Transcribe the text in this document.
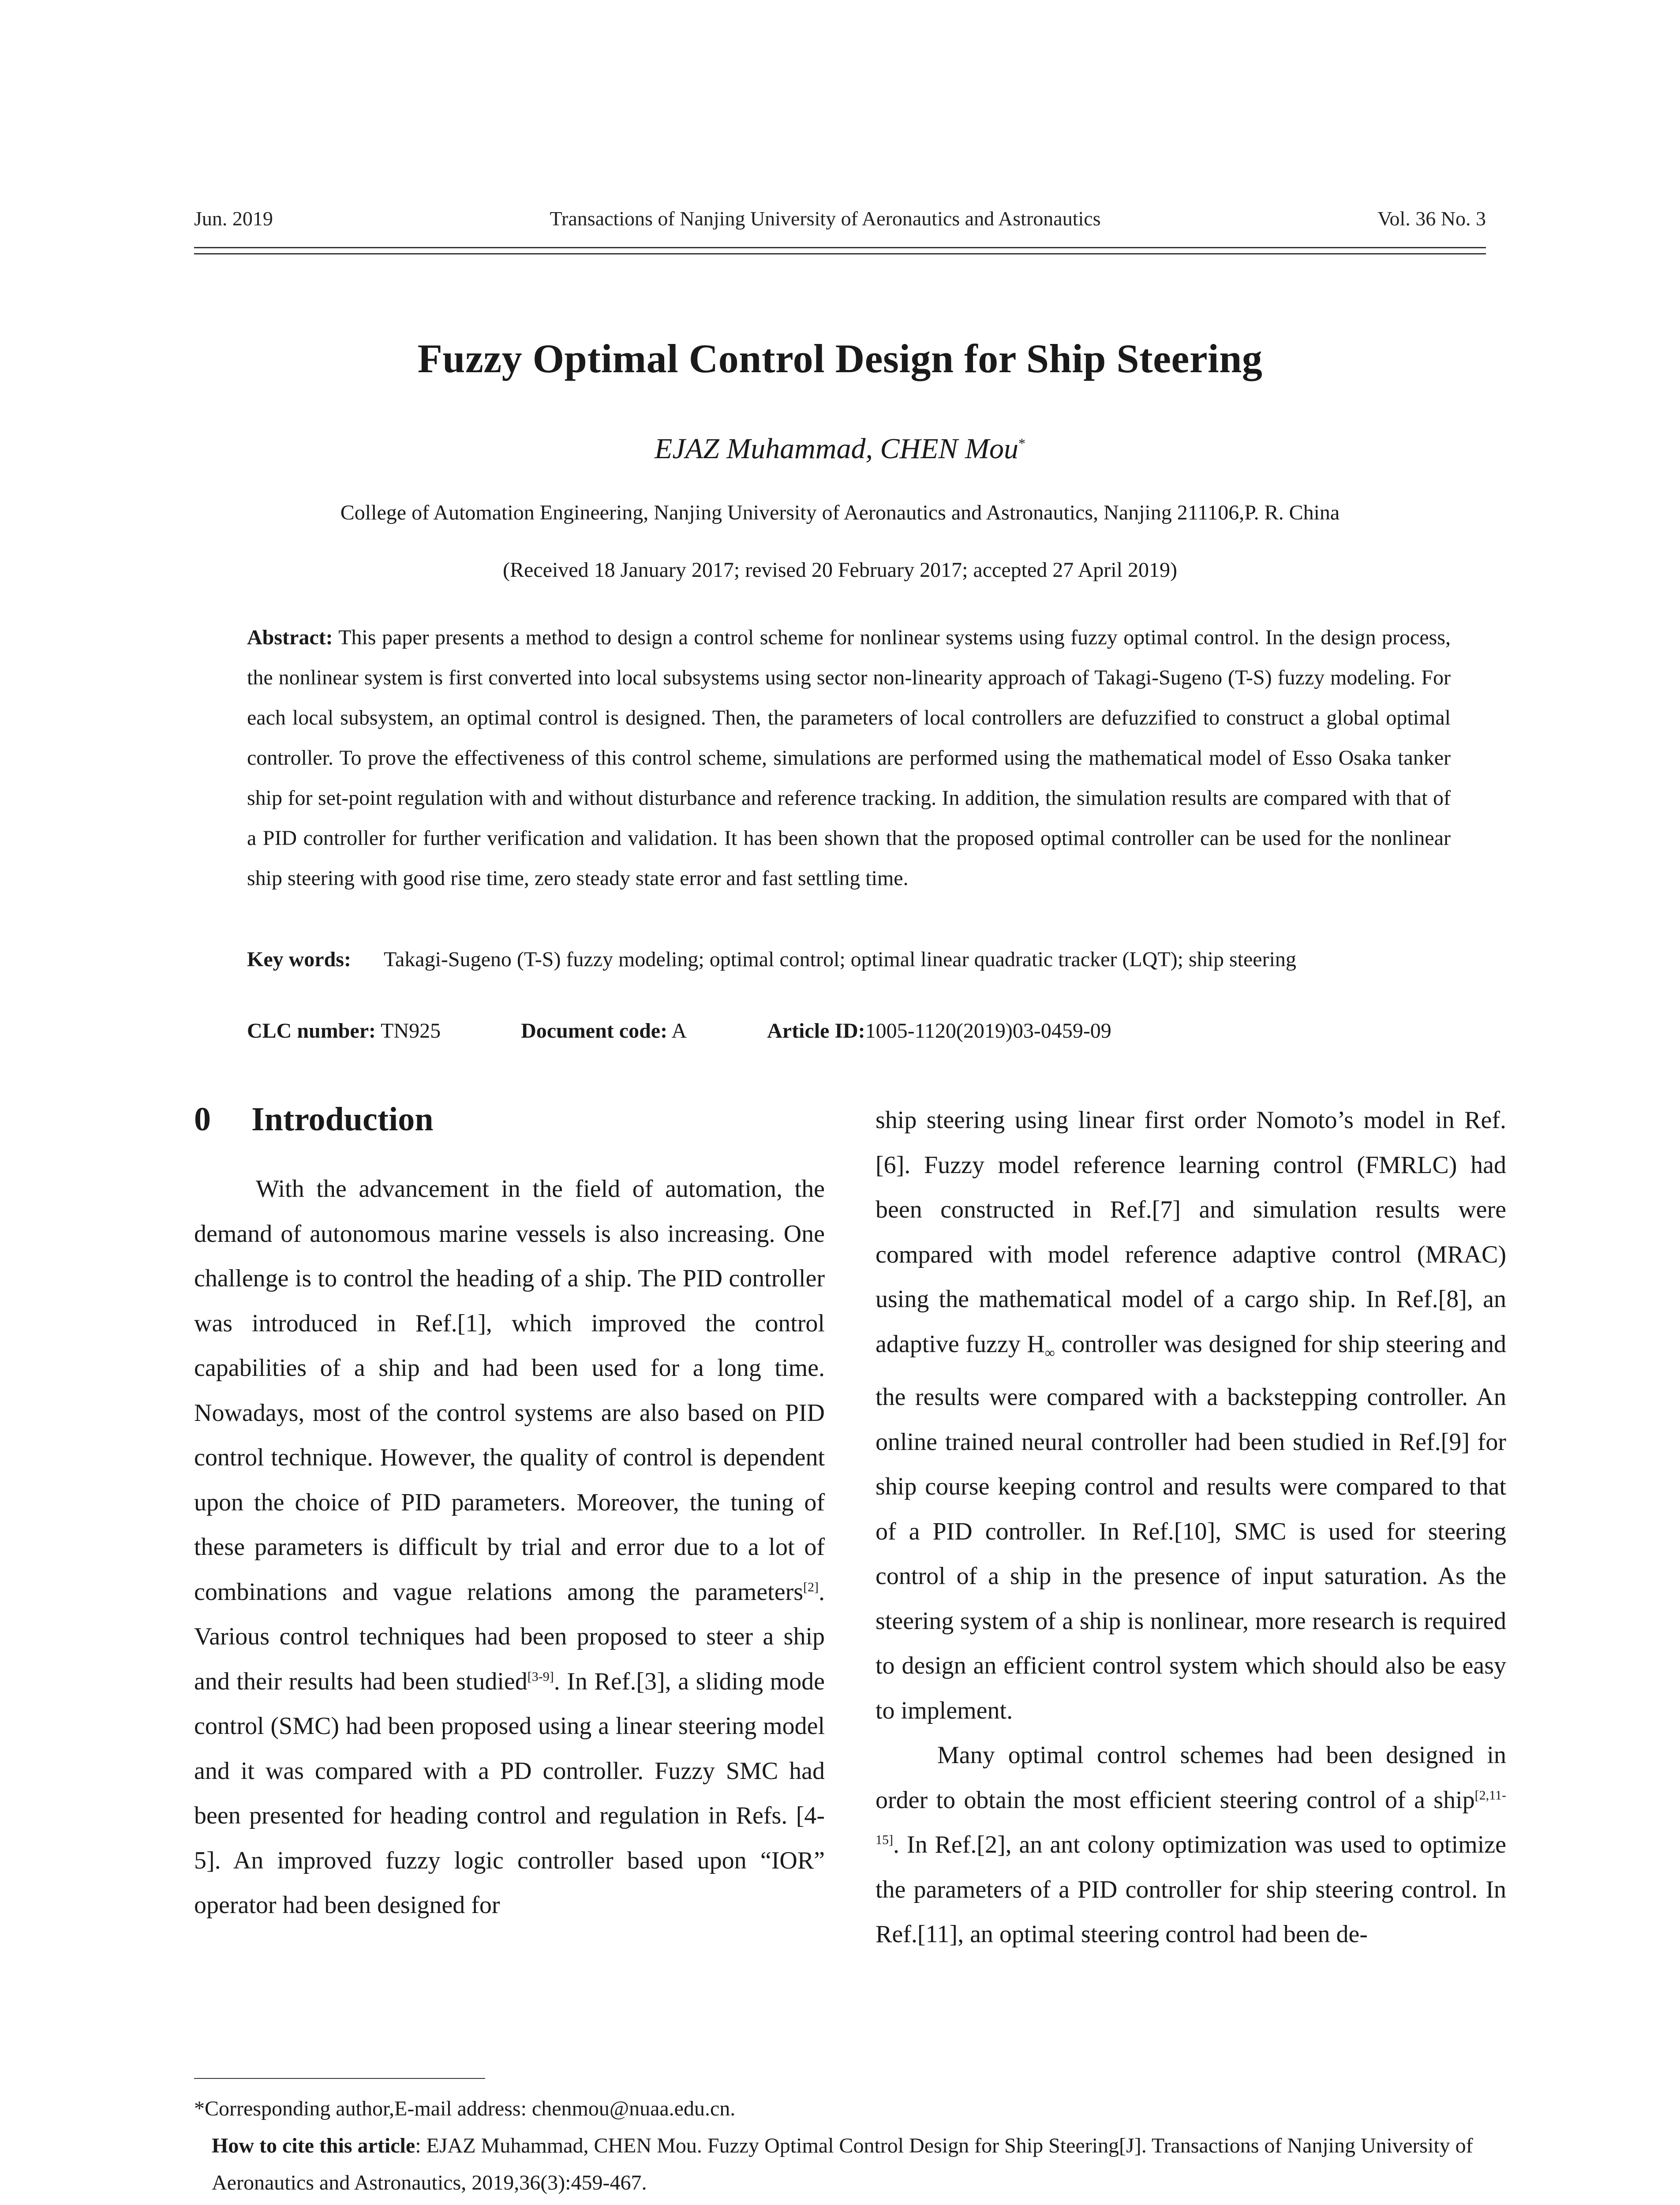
Jun. 2019	Transactions of Nanjing University of Aeronautics and Astronautics	Vol. 36 No. 3
Fuzzy Optimal Control Design for Ship Steering
EJAZ Muhammad, CHEN Mou*
College of Automation Engineering, Nanjing University of Aeronautics and Astronautics, Nanjing 211106,P. R. China
(Received 18 January 2017; revised 20 February 2017; accepted 27 April 2019)
Abstract: This paper presents a method to design a control scheme for nonlinear systems using fuzzy optimal control. In the design process, the nonlinear system is first converted into local subsystems using sector non-linearity approach of Takagi-Sugeno (T-S) fuzzy modeling. For each local subsystem, an optimal control is designed. Then, the parameters of local controllers are defuzzified to construct a global optimal controller. To prove the effectiveness of this control scheme, simulations are performed using the mathematical model of Esso Osaka tanker ship for set-point regulation with and without disturbance and reference tracking. In addition, the simulation results are compared with that of a PID controller for further verification and validation. It has been shown that the proposed optimal controller can be used for the nonlinear ship steering with good rise time, zero steady state error and fast settling time.
Key words:	Takagi-Sugeno (T-S) fuzzy modeling; optimal control; optimal linear quadratic tracker (LQT); ship steering
CLC number: TN925	Document code: A	Article ID:1005-1120(2019)03-0459-09
0 Introduction

With the advancement in the field of automation, the demand of autonomous marine vessels is also increasing. One challenge is to control the heading of a ship. The PID controller was introduced in Ref.[1], which improved the control capabilities of a ship and had been used for a long time. Nowadays, most of the control systems are also based on PID control technique. However, the quality of control is dependent upon the choice of PID parameters. Moreover, the tuning of these parameters is difficult by trial and error due to a lot of combinations and vague relations among the parameters[2]. Various control techniques had been proposed to steer a ship and their results had been studied[3-9]. In Ref.[3], a sliding mode control (SMC) had been proposed using a linear steering model and it was compared with a PD controller. Fuzzy SMC had been presented for heading control and regulation in Refs. [4-5]. An improved fuzzy logic controller based upon “IOR” operator had been designed for

ship steering using linear first order Nomoto’s model in Ref.[6]. Fuzzy model reference learning control (FMRLC) had been constructed in Ref.[7] and simulation results were compared with model reference adaptive control (MRAC) using the mathematical model of a cargo ship. In Ref.[8], an adaptive fuzzy $H_\infty$ controller was designed for ship steering and the results were compared with a backstepping controller. An online trained neural controller had been studied in Ref.[9] for ship course keeping control and results were compared to that of a PID controller. In Ref.[10], SMC is used for steering control of a ship in the presence of input saturation. As the steering system of a ship is nonlinear, more research is required to design an efficient control system which should also be easy to implement.

Many optimal control schemes had been designed in order to obtain the most efficient steering control of a ship[2,11-15]. In Ref.[2], an ant colony optimization was used to optimize the parameters of a PID controller for ship steering control. In Ref.[11], an optimal steering control had been de-

*Corresponding author,E-mail address: chenmou@nuaa.edu.cn.
How to cite this article: EJAZ Muhammad, CHEN Mou. Fuzzy Optimal Control Design for Ship Steering[J]. Transactions of Nanjing University of Aeronautics and Astronautics, 2019,36(3):459-467.
